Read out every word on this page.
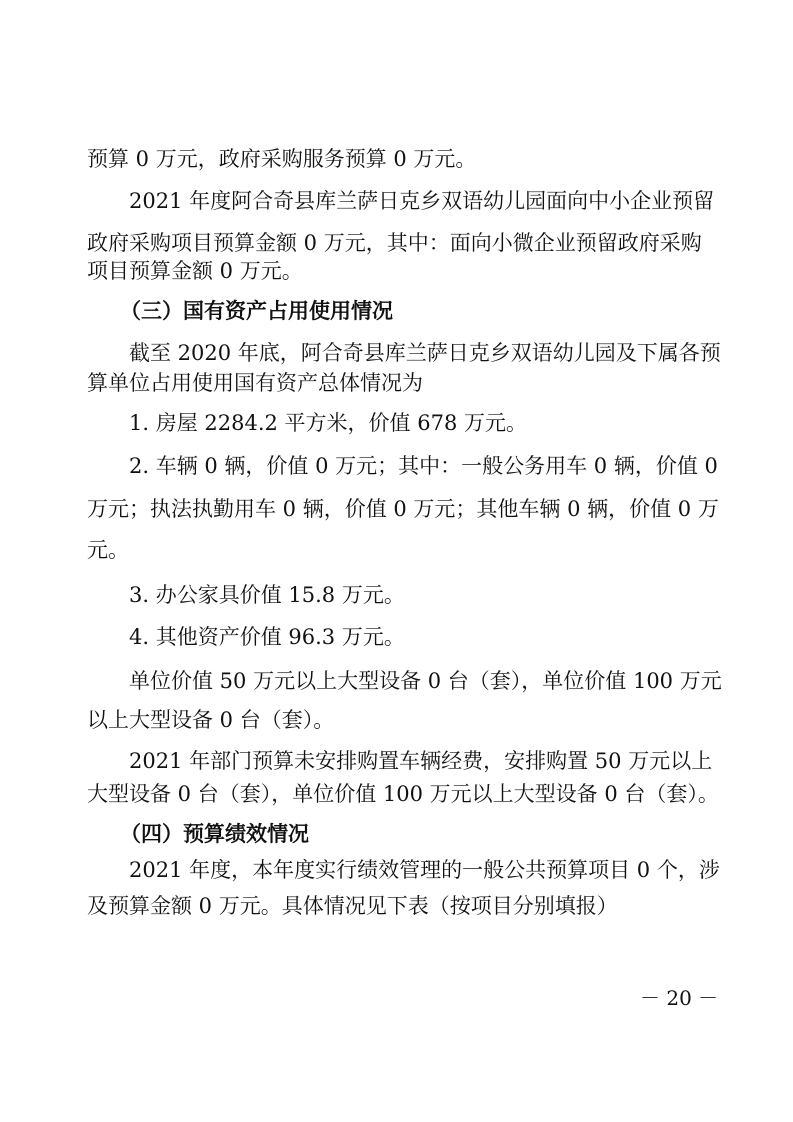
预算 0 万元，政府采购服务预算 0 万元。
2021 年度阿合奇县库兰萨日克乡双语幼儿园面向中小企业预留
政府采购项目预算金额 0 万元，其中：面向小微企业预留政府采购
项目预算金额 0 万元。
（三）国有资产占用使用情况
截至 2020 年底，阿合奇县库兰萨日克乡双语幼儿园及下属各预
算单位占用使用国有资产总体情况为
1. 房屋 2284.2 平方米，价值 678 万元。
2. 车辆 0 辆，价值 0 万元；其中：一般公务用车 0 辆，价值 0
万元；执法执勤用车 0 辆，价值 0 万元；其他车辆 0 辆，价值 0 万
元。
3. 办公家具价值 15.8 万元。
4. 其他资产价值 96.3 万元。
单位价值 50 万元以上大型设备 0 台（套），单位价值 100 万元
以上大型设备 0 台（套）。
2021 年部门预算未安排购置车辆经费，安排购置 50 万元以上
大型设备 0 台（套），单位价值 100 万元以上大型设备 0 台（套）。
（四）预算绩效情况
2021 年度，本年度实行绩效管理的一般公共预算项目 0 个，涉
及预算金额 0 万元。具体情况见下表（按项目分别填报）
－ 20 －
